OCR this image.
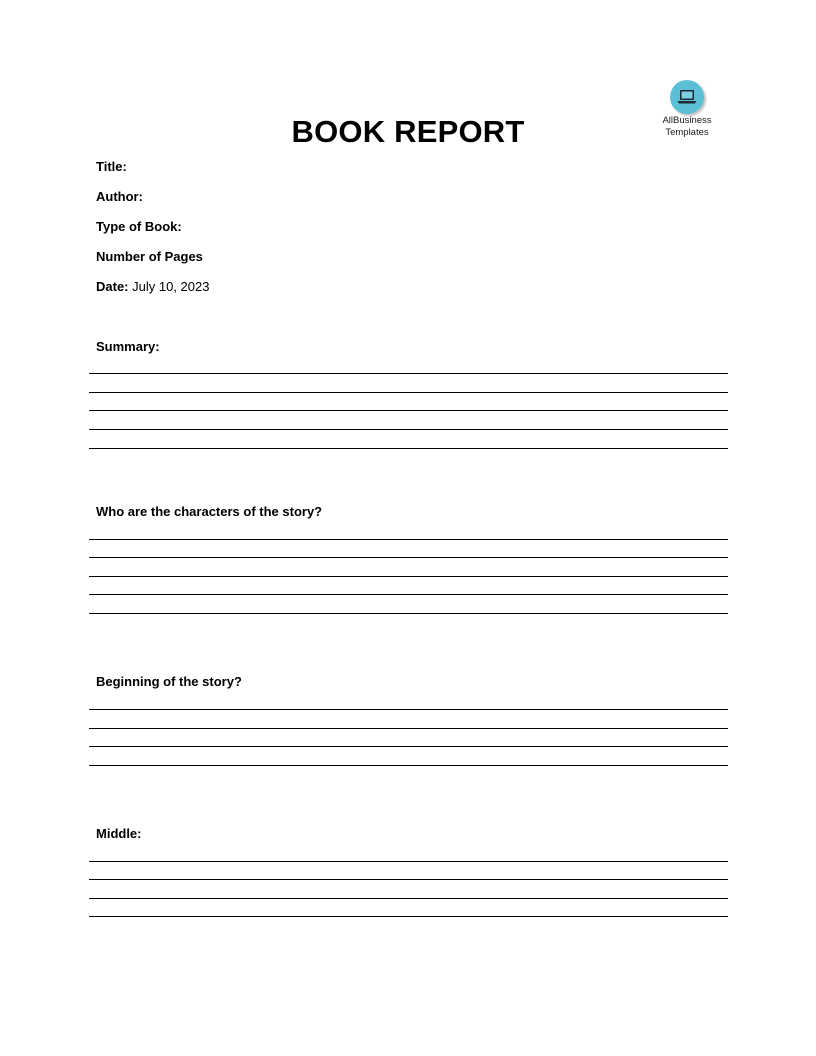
AllBusiness
Templates
BOOK REPORT
Title:
Author:
Type of Book:
Number of Pages
Date: July 10, 2023
Summary:
Who are the characters of the story?
Beginning of the story?
Middle:
